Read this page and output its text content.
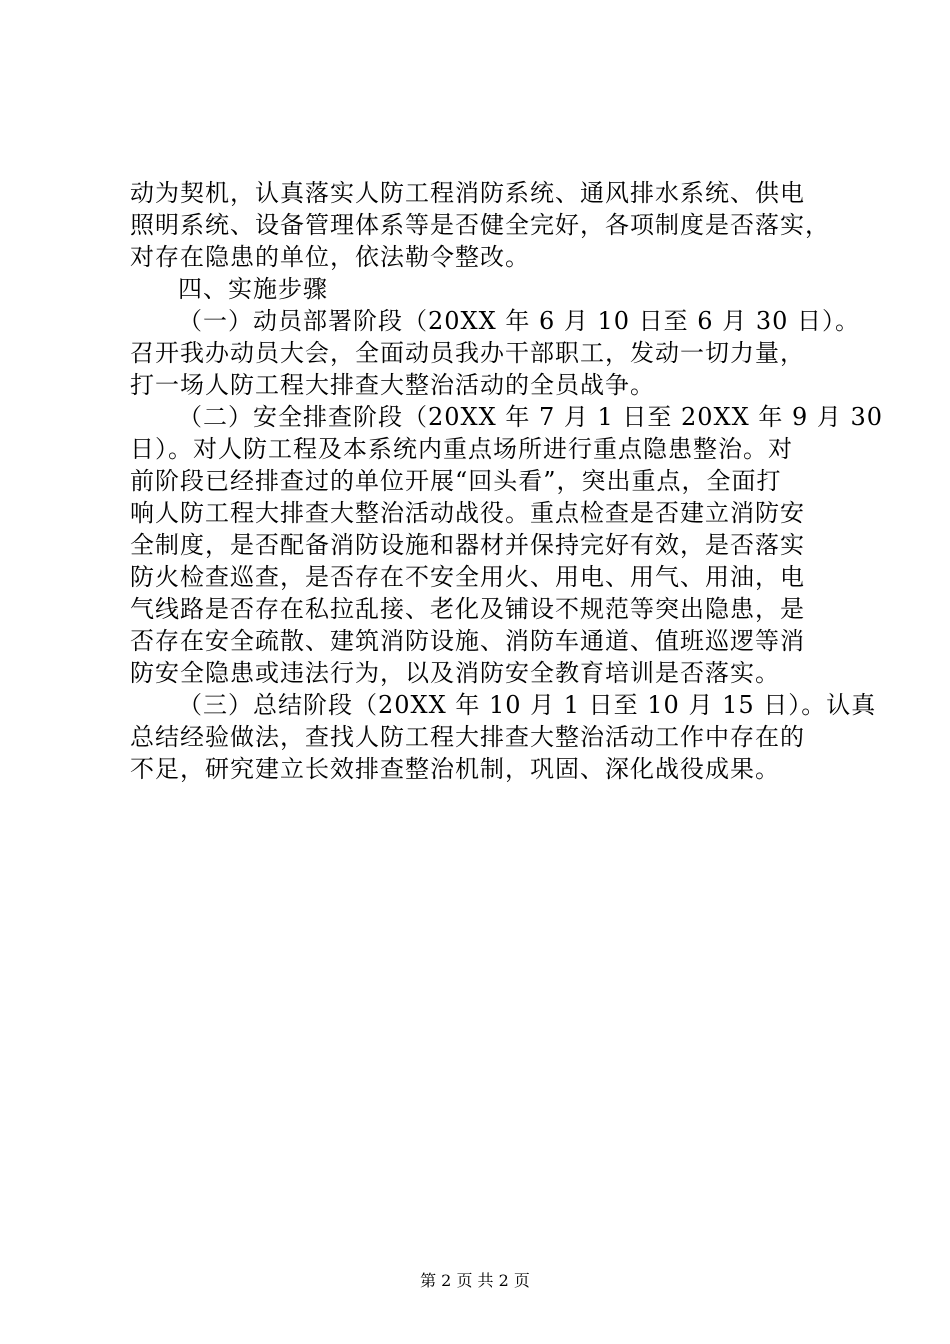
动为契机，认真落实人防工程消防系统、通风排水系统、供电
照明系统、设备管理体系等是否健全完好，各项制度是否落实，
对存在隐患的单位，依法勒令整改。
四、实施步骤
（一）动员部署阶段（20XX 年 6 月 10 日至 6 月 30 日）。
召开我办动员大会，全面动员我办干部职工，发动一切力量，
打一场人防工程大排查大整治活动的全员战争。
（二）安全排查阶段（20XX 年 7 月 1 日至 20XX 年 9 月 30
日）。对人防工程及本系统内重点场所进行重点隐患整治。对
前阶段已经排查过的单位开展“回头看”，突出重点，全面打
响人防工程大排查大整治活动战役。重点检查是否建立消防安
全制度，是否配备消防设施和器材并保持完好有效，是否落实
防火检查巡查，是否存在不安全用火、用电、用气、用油，电
气线路是否存在私拉乱接、老化及铺设不规范等突出隐患，是
否存在安全疏散、建筑消防设施、消防车通道、值班巡逻等消
防安全隐患或违法行为，以及消防安全教育培训是否落实。
（三）总结阶段（20XX 年 10 月 1 日至 10 月 15 日）。认真
总结经验做法，查找人防工程大排查大整治活动工作中存在的
不足，研究建立长效排查整治机制，巩固、深化战役成果。
第 2 页 共 2 页
